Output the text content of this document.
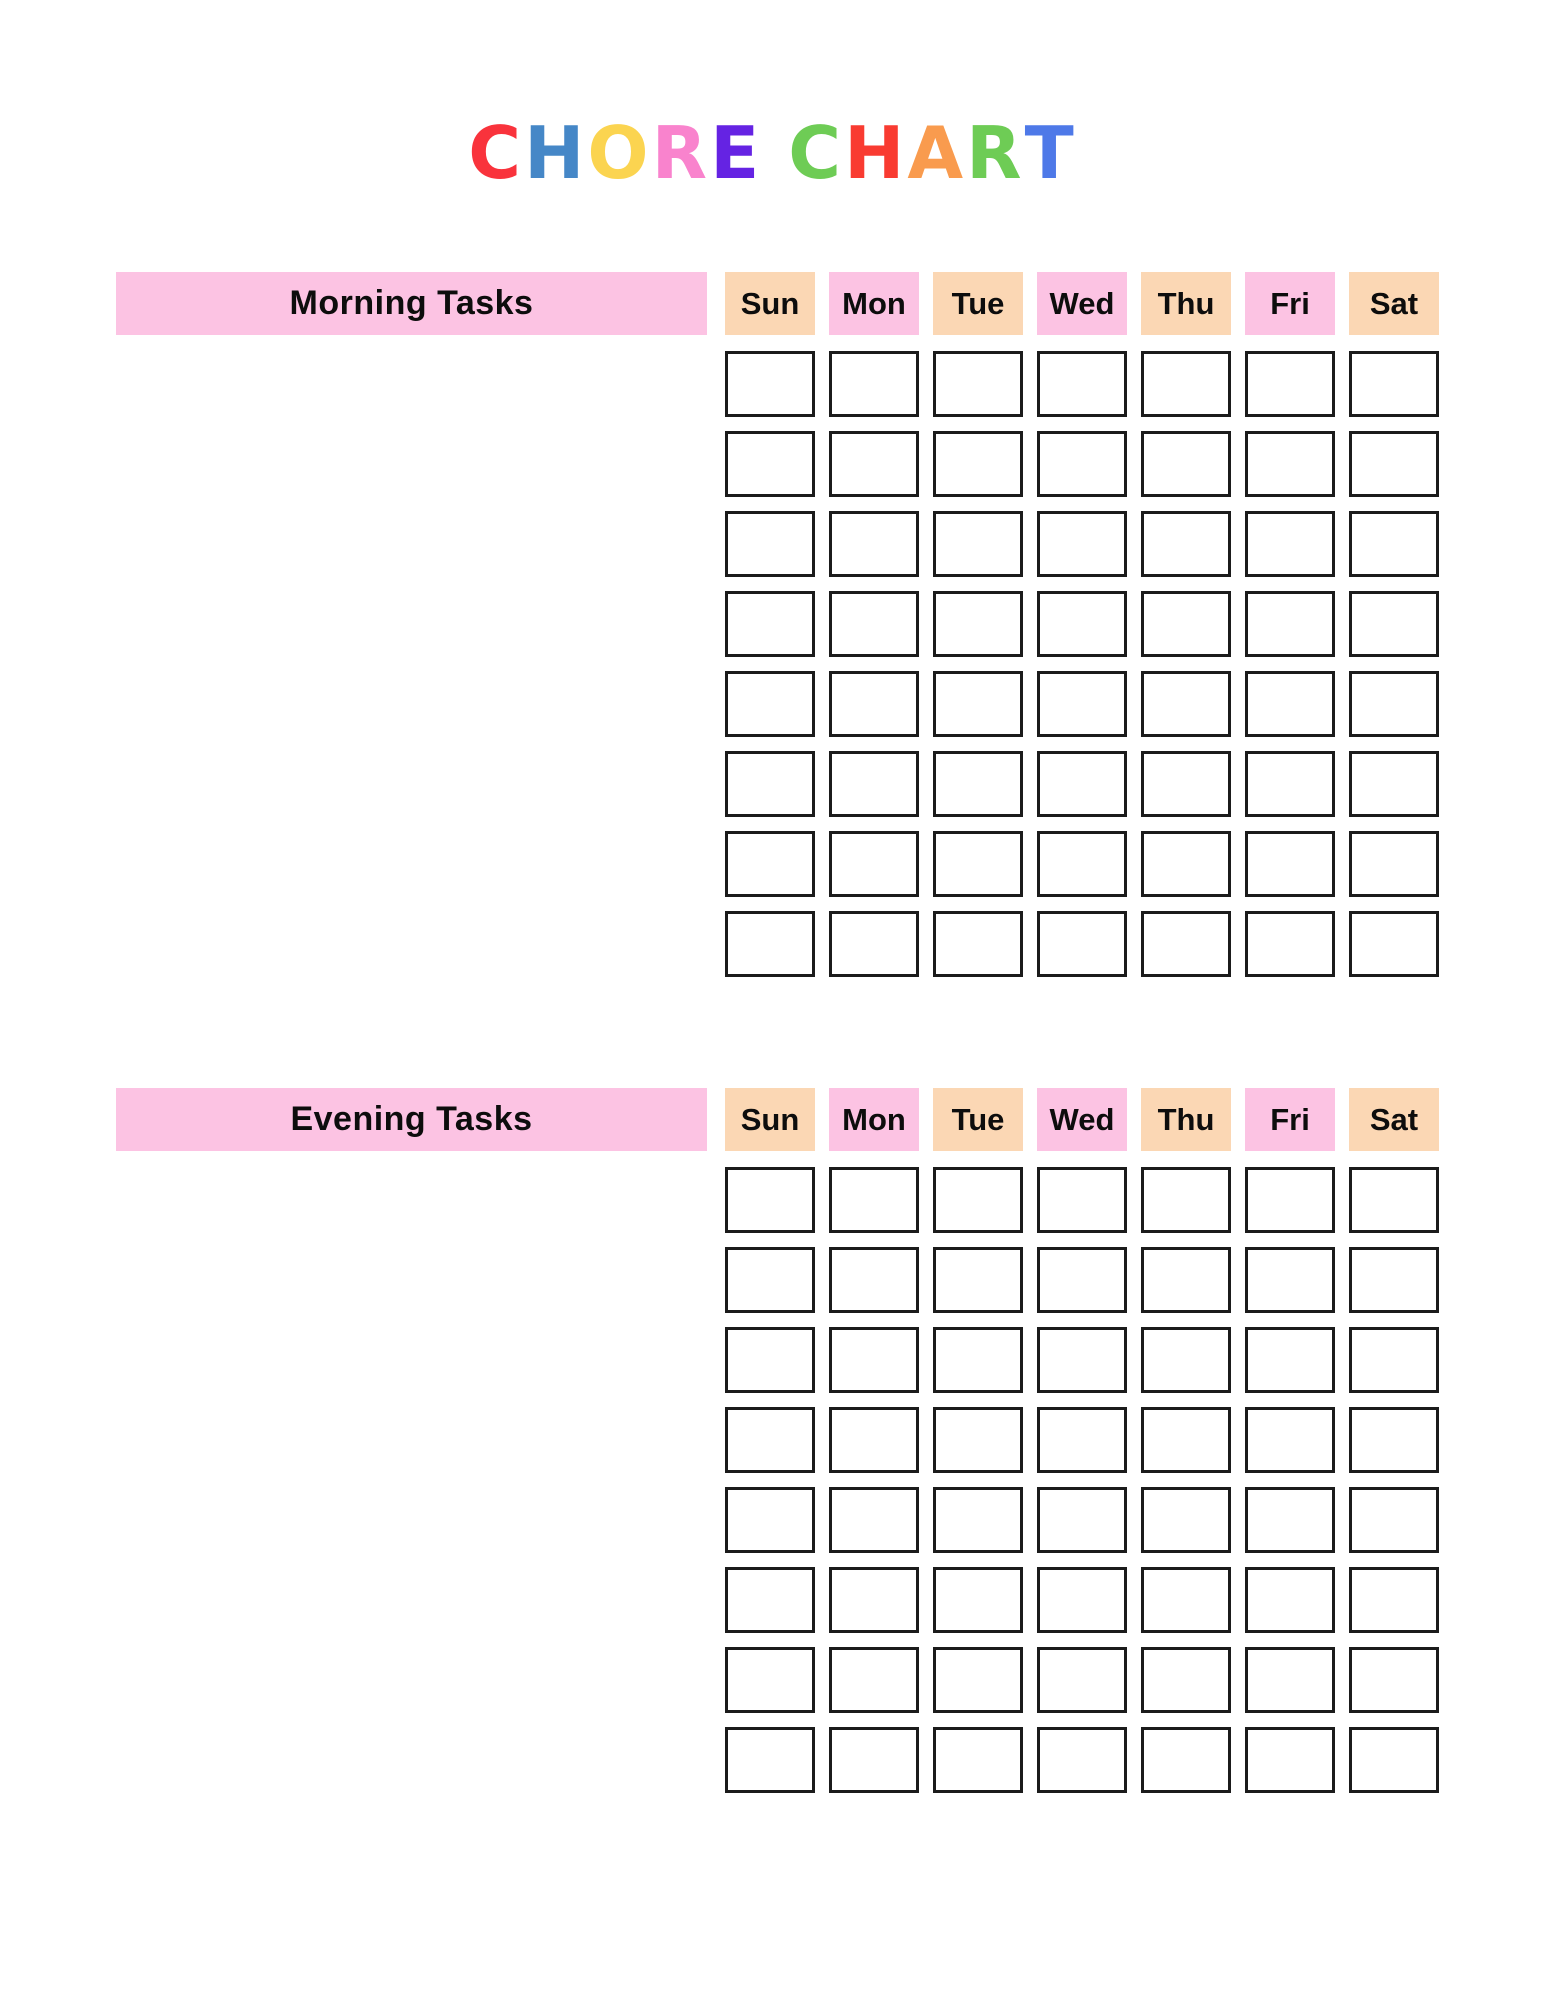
CHORE CHART
Morning Tasks	Sun	Mon	Tue	Wed	Thu	Fri	Sat
Evening Tasks	Sun	Mon	Tue	Wed	Thu	Fri	Sat
